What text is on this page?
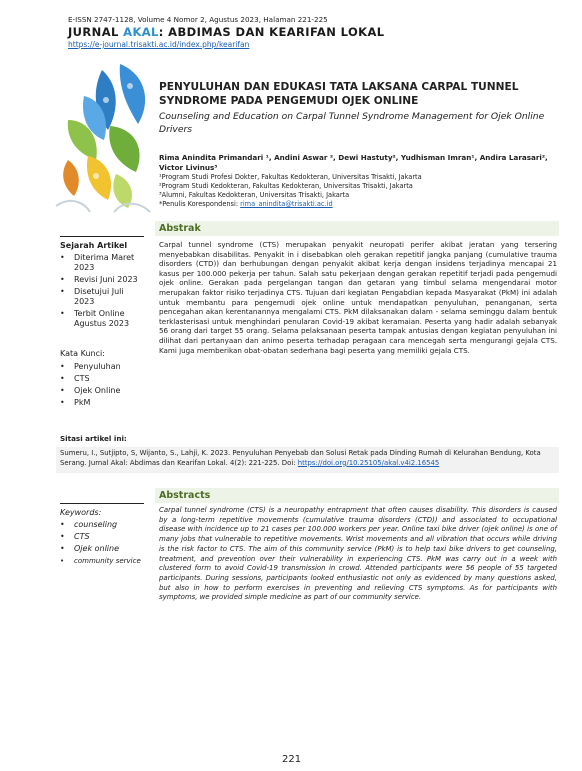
E-ISSN 2747-1128, Volume 4 Nomor 2, Agustus 2023, Halaman 221-225
JURNAL AKAL: ABDIMAS DAN KEARIFAN LOKAL
https://e-journal.trisakti.ac.id/index.php/kearifan
PENYULUHAN DAN EDUKASI TATA LAKSANA CARPAL TUNNEL SYNDROME PADA PENGEMUDI OJEK ONLINE
Counseling and Education on Carpal Tunnel Syndrome Management for Ojek Online Drivers
Rima Anindita Primandari ¹, Andini Aswar ², Dewi Hastuty², Yudhisman Imran¹, Andira Larasari², Victor Livinus³
¹Program Studi Profesi Dokter, Fakultas Kedokteran, Universitas Trisakti, Jakarta
²Program Studi Kedokteran, Fakultas Kedokteran, Universitas Trisakti, Jakarta
³Alumni, Fakultas Kedokteran, Universitas Trisakti, Jakarta
*Penulis Korespondensi: rima_anindita@trisakti.ac.id
Abstrak
Sejarah Artikel
• Diterima Maret 2023
• Revisi Juni 2023
• Disetujui Juli 2023
• Terbit Online Agustus 2023
Kata Kunci:
• Penyuluhan
• CTS
• Ojek Online
• PkM
Carpal tunnel syndrome (CTS) merupakan penyakit neuropati perifer akibat jeratan yang tersering menyebabkan disabilitas. Penyakit in i disebabkan oleh gerakan repetitif jangka panjang (cumulative trauma disorders (CTD)) dan berhubungan dengan penyakit akibat kerja dengan insidens terjadinya mencapai 21 kasus per 100.000 pekerja per tahun. Salah satu pekerjaan dengan gerakan repetitif terjadi pada pengemudi ojek online. Gerakan pada pergelangan tangan dan getaran yang timbul selama mengendarai motor merupakan faktor risiko terjadinya CTS. Tujuan dari kegiatan Pengabdian kepada Masyarakat (PkM) ini adalah untuk membantu para pengemudi ojek online untuk mendapatkan penyuluhan, penanganan, serta pencegahan akan kerentanannya mengalami CTS. PkM dilaksanakan dalam - selama seminggu dalam bentuk terklasterisasi untuk menghindari penularan Covid-19 akibat keramaian. Peserta yang hadir adalah sebanyak 56 orang dari target 55 orang. Selama pelaksanaan peserta tampak antusias dengan kegiatan penyuluhan ini dilihat dari pertanyaan dan animo peserta terhadap peragaan cara mencegah serta mengurangi gejala CTS. Kami juga memberikan obat-obatan sederhana bagi peserta yang memiliki gejala CTS.
Sitasi artikel ini:
Sumeru, I., Sutjipto, S, Wijanto, S., Lahji, K. 2023. Penyuluhan Penyebab dan Solusi Retak pada Dinding Rumah di Kelurahan Bendung, Kota Serang. Jurnal Akal: Abdimas dan Kearifan Lokal. 4(2): 221-225. Doi: https://doi.org/10.25105/akal.v4i2.16545
Abstracts
Keywords:
• counseling
• CTS
• Ojek online
• community service
Carpal tunnel syndrome (CTS) is a neuropathy entrapment that often causes disability. This disorders is caused by a long-term repetitive movements (cumulative trauma disorders (CTD)) and associated to occupational disease with incidence up to 21 cases per 100.000 workers per year. Online taxi bike driver (ojek online) is one of many jobs that vulnerable to repetitive movements. Wrist movements and all vibration that occurs while driving is the risk factor to CTS. The aim of this community service (PkM) is to help taxi bike drivers to get counseling, treatment, and prevention over their vulnerability in experiencing CTS. PkM was carry out in a week with clustered form to avoid Covid-19 transmission in crowd. Attended participants were 56 people of 55 targeted participants. During sessions, participants looked enthusiastic not only as evidenced by many questions asked, but also in how to perform exercises in preventing and relieving CTS symptoms. As for participants with symptoms, we provided simple medicine as part of our community service.
221
